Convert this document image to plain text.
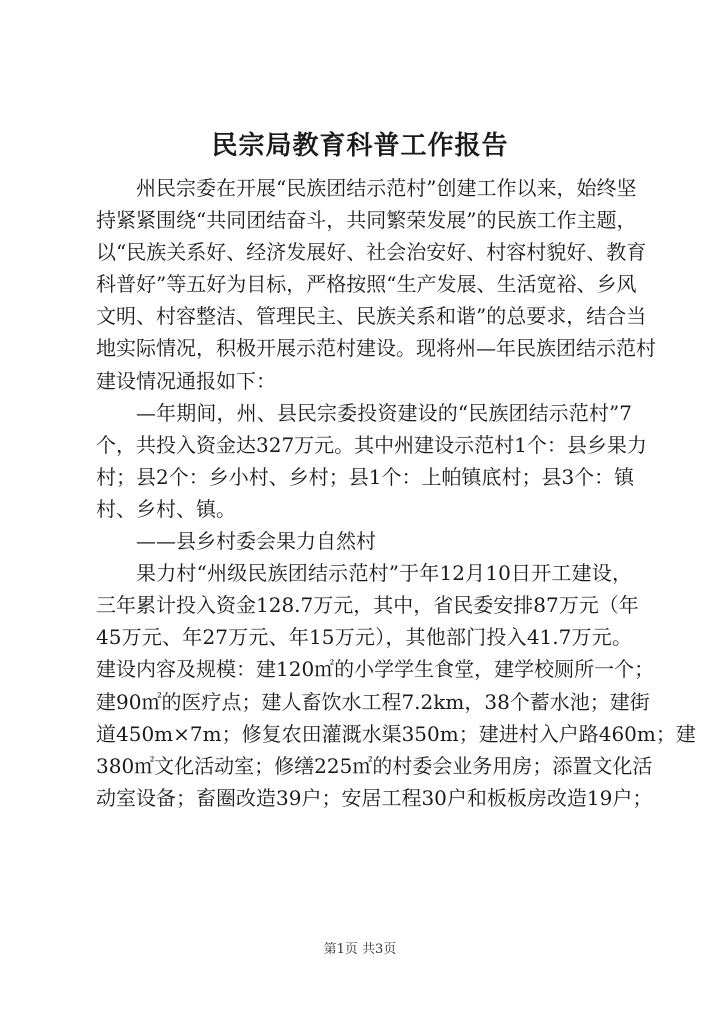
民宗局教育科普工作报告
州民宗委在开展“民族团结示范村”创建工作以来，始终坚
持紧紧围绕“共同团结奋斗，共同繁荣发展”的民族工作主题，
以“民族关系好、经济发展好、社会治安好、村容村貌好、教育
科普好”等五好为目标，严格按照“生产发展、生活宽裕、乡风
文明、村容整洁、管理民主、民族关系和谐”的总要求，结合当
地实际情况，积极开展示范村建设。现将州—年民族团结示范村
建设情况通报如下：
—年期间，州、县民宗委投资建设的“民族团结示范村”7
个，共投入资金达327万元。其中州建设示范村1个：县乡果力
村；县2个：乡小村、乡村；县1个：上帕镇底村；县3个：镇
村、乡村、镇。
——县乡村委会果力自然村
果力村“州级民族团结示范村”于年12月10日开工建设，
三年累计投入资金128.7万元，其中，省民委安排87万元（年
45万元、年27万元、年15万元），其他部门投入41.7万元。
建设内容及规模：建120㎡的小学学生食堂，建学校厕所一个；
建90㎡的医疗点；建人畜饮水工程7.2km，38个蓄水池；建街
道450m×7m；修复农田灌溉水渠350m；建进村入户路460m；建
380㎡文化活动室；修缮225㎡的村委会业务用房；添置文化活
动室设备；畜圈改造39户；安居工程30户和板板房改造19户；
第1页 共3页
